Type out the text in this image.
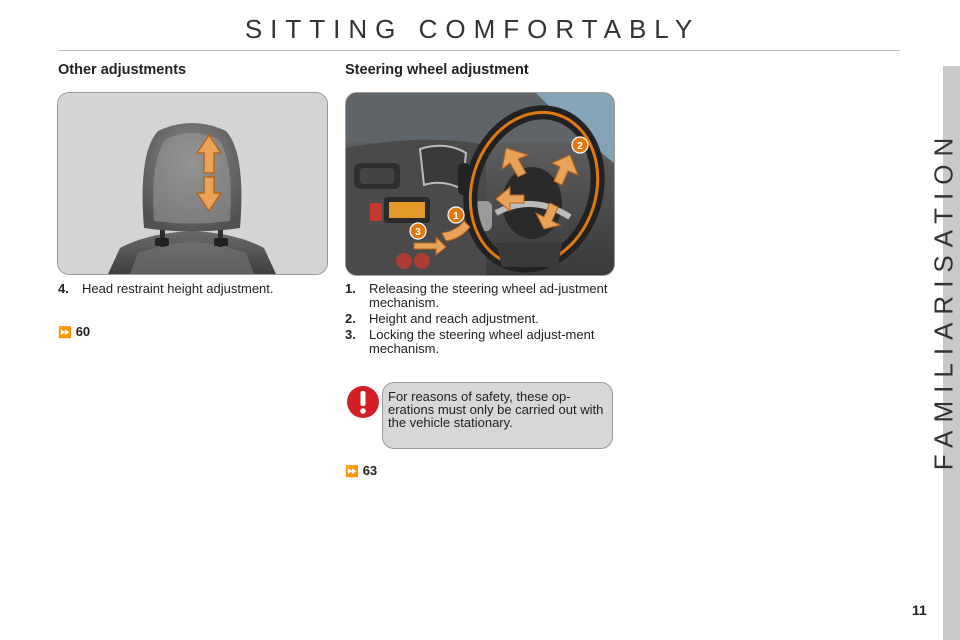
SITTING COMFORTABLY
FAMILIARISATION
Other adjustments
4.	Head restraint height adjustment.
⏩ 60
Steering wheel adjustment
1
2
3
1.	Releasing the steering wheel ad-justment mechanism.
2.	Height and reach adjustment.
3.	Locking the steering wheel adjust-ment mechanism.
For reasons of safety, these op-erations must only be carried out with the vehicle stationary.
⏩ 63
11
